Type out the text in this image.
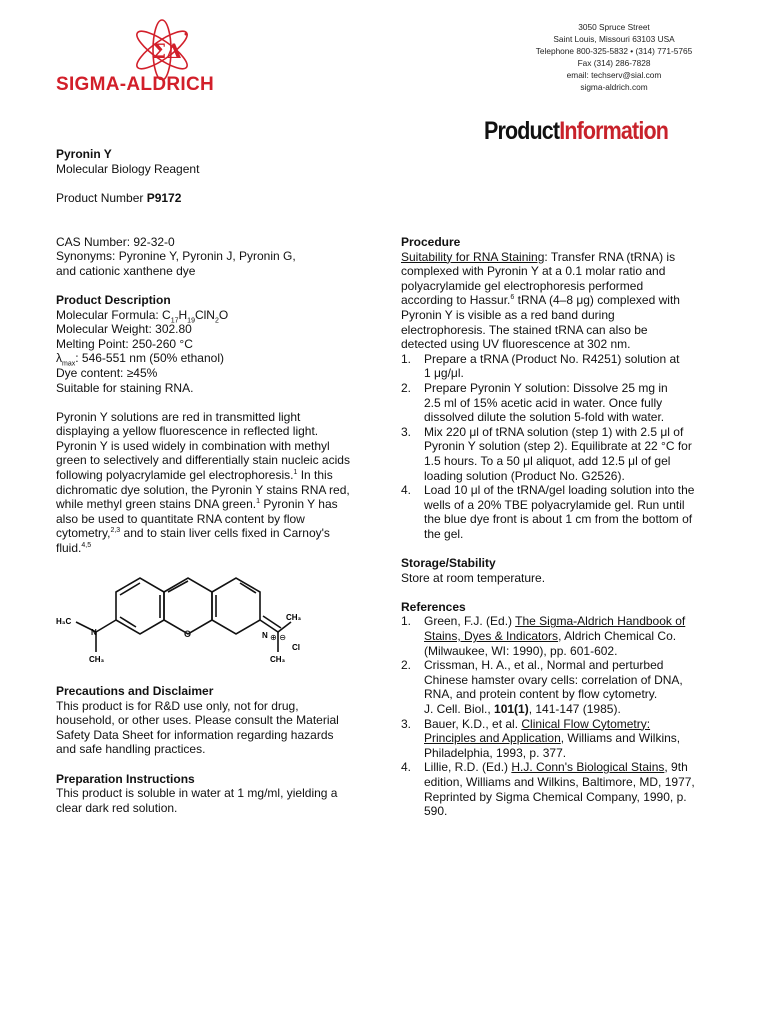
ΣΔ
SIGMA-ALDRICH
3050 Spruce Street
Saint Louis, Missouri 63103 USA
Telephone 800-325-5832 • (314) 771-5765
Fax (314) 286-7828
email: techserv@sial.com
sigma-aldrich.com
ProductInformation
Pyronin Y
Molecular Biology Reagent
Product Number P9172
CAS Number: 92-32-0
Synonyms: Pyronine Y, Pyronin J, Pyronin G,
and cationic xanthene dye
Product Description
Molecular Formula: $C_{17}H_{19}ClN_2O$
Molecular Weight: 302.80
Melting Point: 250-260 °C
$\lambda_{max}$: 546-551 nm (50% ethanol)
Dye content: ≥45%
Suitable for staining RNA.
Pyronin Y solutions are red in transmitted light
displaying a yellow fluorescence in reflected light.
Pyronin Y is used widely in combination with methyl
green to selectively and differentially stain nucleic acids
following polyacrylamide gel electrophoresis.$^1$ In this
dichromatic dye solution, the Pyronin Y stains RNA red,
while methyl green stains DNA green.$^1$ Pyronin Y has
also be used to quantitate RNA content by flow
cytometry,$^{2,3}$ and to stain liver cells fixed in Carnoy's
fluid.$^{4,5}$
H₃C
N
CH₃
O	N
CH₃
CH₃
⊕ ⊖
Cl
Precautions and Disclaimer
This product is for R&D use only, not for drug,
household, or other uses. Please consult the Material
Safety Data Sheet for information regarding hazards
and safe handling practices.
Preparation Instructions
This product is soluble in water at 1 mg/ml, yielding a
clear dark red solution.
Procedure
Suitability for RNA Staining: Transfer RNA (tRNA) is
complexed with Pyronin Y at a 0.1 molar ratio and
polyacrylamide gel electrophoresis performed
according to Hassur.$^6$ tRNA (4–8 μg) complexed with
Pyronin Y is visible as a red band during
electrophoresis. The stained tRNA can also be
detected using UV fluorescence at 302 nm.
1. Prepare a tRNA (Product No. R4251) solution at
1 μg/μl.
2. Prepare Pyronin Y solution: Dissolve 25 mg in
2.5 ml of 15% acetic acid in water. Once fully
dissolved dilute the solution 5-fold with water.
3. Mix 220 μl of tRNA solution (step 1) with 2.5 μl of
Pyronin Y solution (step 2). Equilibrate at 22 °C for
1.5 hours. To a 50 μl aliquot, add 12.5 μl of gel
loading solution (Product No. G2526).
4. Load 10 μl of the tRNA/gel loading solution into the
wells of a 20% TBE polyacrylamide gel. Run until
the blue dye front is about 1 cm from the bottom of
the gel.
Storage/Stability
Store at room temperature.
References
1. Green, F.J. (Ed.) The Sigma-Aldrich Handbook of
Stains, Dyes & Indicators, Aldrich Chemical Co.
(Milwaukee, WI: 1990), pp. 601-602.
2. Crissman, H. A., et al., Normal and perturbed
Chinese hamster ovary cells: correlation of DNA,
RNA, and protein content by flow cytometry.
J. Cell. Biol., 101(1), 141-147 (1985).
3. Bauer, K.D., et al. Clinical Flow Cytometry:
Principles and Application, Williams and Wilkins,
Philadelphia, 1993, p. 377.
4. Lillie, R.D. (Ed.) H.J. Conn's Biological Stains, 9th
edition, Williams and Wilkins, Baltimore, MD, 1977,
Reprinted by Sigma Chemical Company, 1990, p.
590.
